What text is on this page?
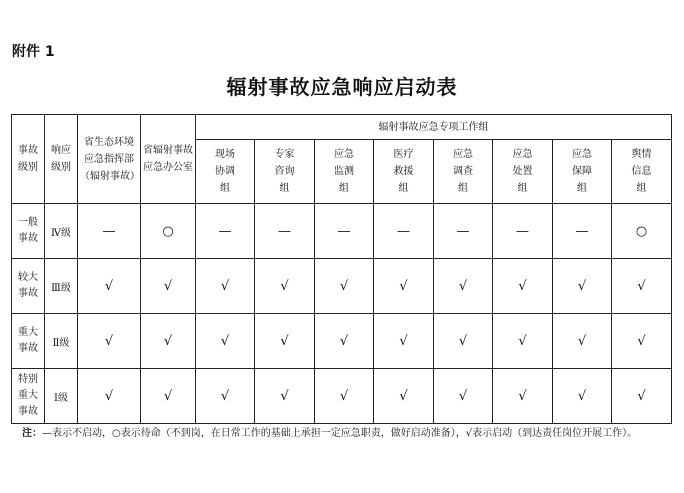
附件 1
辐射事故应急响应启动表
事故级别	响应级别	省生态环境应急指挥部（辐射事故）	省辐射事故应急办公室	辐射事故应急专项工作组							
				现场协调组	专家咨询组	应急监测组	医疗救援组	应急调查组	应急处置组	应急保障组	舆情信息组
一般事故	Ⅳ级	—	○	—	—	—	—	—	—	—	○
较大事故	Ⅲ级	√	√	√	√	√	√	√	√	√	√
重大事故	Ⅱ级	√	√	√	√	√	√	√	√	√	√
特别重大事故	Ⅰ级	√	√	√	√	√	√	√	√	√	√
注：—表示不启动，○表示待命（不到岗，在日常工作的基础上承担一定应急职责，做好启动准备），√表示启动（到达责任岗位开展工作）。
